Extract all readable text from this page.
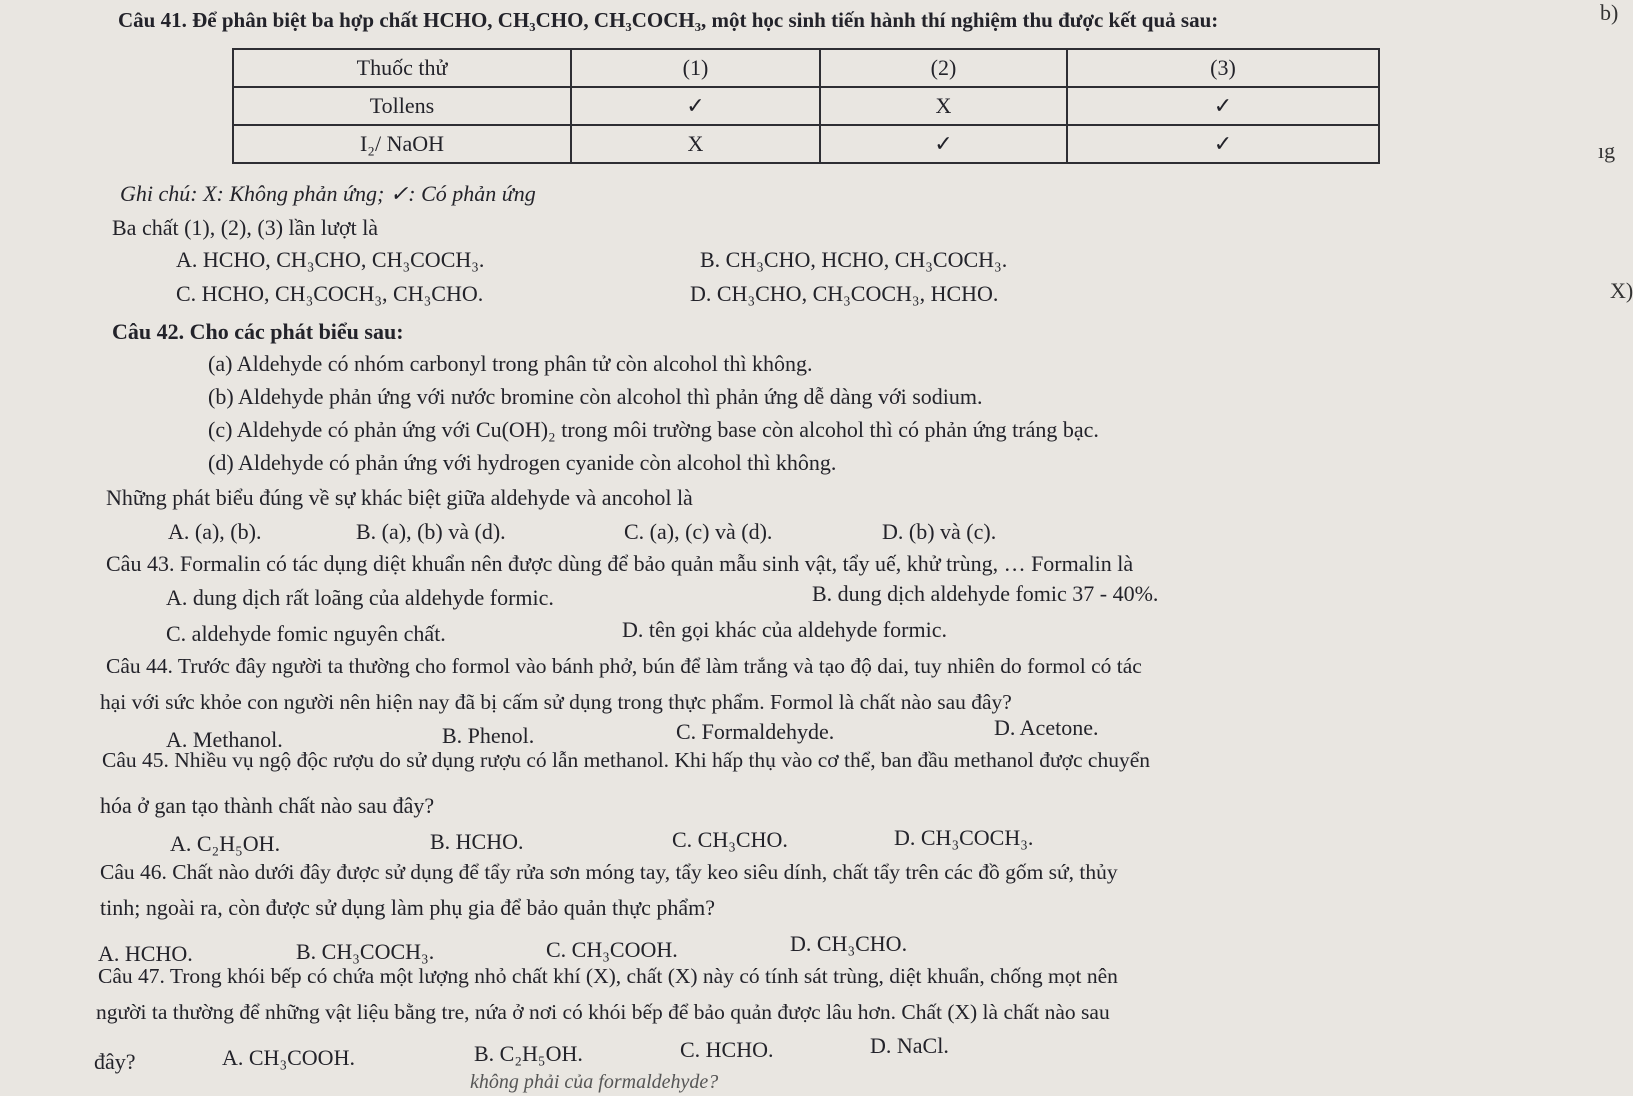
Câu 41. Để phân biệt ba hợp chất HCHO, CH₃CHO, CH₃COCH₃, một học sinh tiến hành thí nghiệm thu được kết quả sau:
Thuốc thử	(1)	(2)	(3)
Tollens	✓	X	✓
I₂/ NaOH	X	✓	✓
Ghi chú: X: Không phản ứng; ✓: Có phản ứng
Ba chất (1), (2), (3) lần lượt là
A. HCHO, CH₃CHO, CH₃COCH₃.	B. CH₃CHO, HCHO, CH₃COCH₃.
C. HCHO, CH₃COCH₃, CH₃CHO.	D. CH₃CHO, CH₃COCH₃, HCHO.
Câu 42. Cho các phát biểu sau:
(a) Aldehyde có nhóm carbonyl trong phân tử còn alcohol thì không.
(b) Aldehyde phản ứng với nước bromine còn alcohol thì phản ứng dễ dàng với sodium.
(c) Aldehyde có phản ứng với Cu(OH)₂ trong môi trường base còn alcohol thì có phản ứng tráng bạc.
(d) Aldehyde có phản ứng với hydrogen cyanide còn alcohol thì không.
Những phát biểu đúng về sự khác biệt giữa aldehyde và ancohol là
A. (a), (b).	B. (a), (b) và (d).	C. (a), (c) và (d).	D. (b) và (c).
Câu 43. Formalin có tác dụng diệt khuẩn nên được dùng để bảo quản mẫu sinh vật, tẩy uế, khử trùng, … Formalin là
A. dung dịch rất loãng của aldehyde formic.	B. dung dịch aldehyde fomic 37 - 40%.
C. aldehyde fomic nguyên chất.	D. tên gọi khác của aldehyde formic.
Câu 44. Trước đây người ta thường cho formol vào bánh phở, bún để làm trắng và tạo độ dai, tuy nhiên do formol có tác
hại với sức khỏe con người nên hiện nay đã bị cấm sử dụng trong thực phẩm. Formol là chất nào sau đây?
A. Methanol.	B. Phenol.	C. Formaldehyde.	D. Acetone.
Câu 45. Nhiều vụ ngộ độc rượu do sử dụng rượu có lẫn methanol. Khi hấp thụ vào cơ thể, ban đầu methanol được chuyển
hóa ở gan tạo thành chất nào sau đây?
A. C₂H₅OH.	B. HCHO.	C. CH₃CHO.	D. CH₃COCH₃.
Câu 46. Chất nào dưới đây được sử dụng để tẩy rửa sơn móng tay, tẩy keo siêu dính, chất tẩy trên các đồ gốm sứ, thủy
tinh; ngoài ra, còn được sử dụng làm phụ gia để bảo quản thực phẩm?
A. HCHO.	B. CH₃COCH₃.	C. CH₃COOH.	D. CH₃CHO.
Câu 47. Trong khói bếp có chứa một lượng nhỏ chất khí (X), chất (X) này có tính sát trùng, diệt khuẩn, chống mọt nên
người ta thường để những vật liệu bằng tre, nứa ở nơi có khói bếp để bảo quản được lâu hơn. Chất (X) là chất nào sau
đây?	A. CH₃COOH.	B. C₂H₅OH.	C. HCHO.	D. NaCl.
không phải của formaldehyde?
b)
ıg
X)
